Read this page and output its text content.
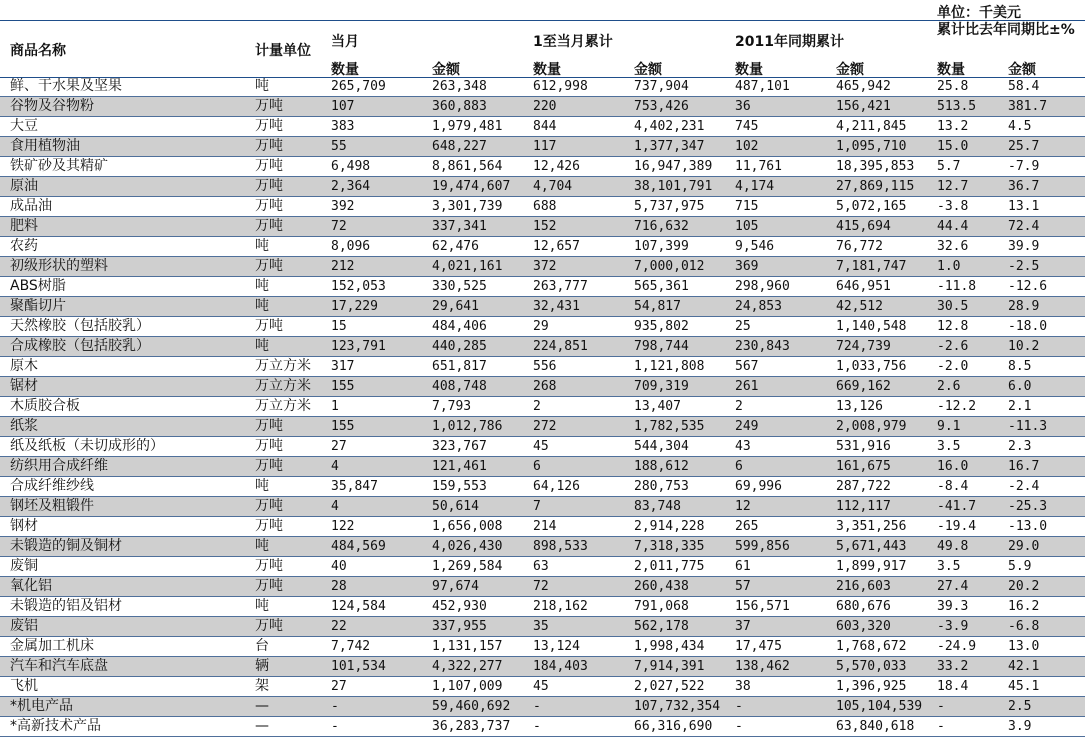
单位：千美元
商品名称	计量单位
当月	1至当月累计	2011年同期累计
累计比去年同期比±%
数量	金额	数量	金额	数量	金额	数量	金额
鲜、干水果及坚果	吨	265,709	263,348	612,998	737,904	487,101	465,942	25.8	58.4
谷物及谷物粉	万吨	107	360,883	220	753,426	36	156,421	513.5 381.7
大豆	万吨	383	1,979,481 844	4,402,231 745	4,211,845 13.2	4.5
食用植物油	万吨	55	648,227	117	1,377,347 102	1,095,710 15.0	25.7
铁矿砂及其精矿	万吨	6,498	8,861,564 12,426	16,947,389 11,761	18,395,853 5.7	-7.9
原油	万吨	2,364	19,474,607 4,704	38,101,791 4,174	27,869,115 12.7	36.7
成品油	万吨	392	3,301,739 688	5,737,975 715	5,072,165 -3.8	13.1
肥料	万吨	72	337,341	152	716,632	105	415,694	44.4	72.4
农药	吨	8,096	62,476	12,657	107,399	9,546	76,772	32.6	39.9
初级形状的塑料	万吨	212	4,021,161 372	7,000,012 369	7,181,747 1.0	-2.5
ABS树脂	吨	152,053	330,525	263,777	565,361	298,960	646,951	-11.8 -12.6
聚酯切片	吨	17,229	29,641	32,431	54,817	24,853	42,512	30.5	28.9
天然橡胶（包括胶乳）	万吨	15	484,406	29	935,802	25	1,140,548 12.8	-18.0
合成橡胶（包括胶乳）	吨	123,791	440,285	224,851	798,744	230,843	724,739	-2.6	10.2
原木	万立方米 317	651,817	556	1,121,808 567	1,033,756 -2.0	8.5
锯材	万立方米 155	408,748	268	709,319	261	669,162	2.6	6.0
木质胶合板	万立方米 1	7,793	2	13,407	2	13,126	-12.2 2.1
纸浆	万吨	155	1,012,786 272	1,782,535 249	2,008,979 9.1	-11.3
纸及纸板（未切成形的）	万吨	27	323,767	45	544,304	43	531,916	3.5	2.3
纺织用合成纤维	万吨	4	121,461	6	188,612	6	161,675	16.0	16.7
合成纤维纱线	吨	35,847	159,553	64,126	280,753	69,996	287,722	-8.4	-2.4
钢坯及粗锻件	万吨	4	50,614	7	83,748	12	112,117	-41.7 -25.3
钢材	万吨	122	1,656,008 214	2,914,228 265	3,351,256 -19.4 -13.0
未锻造的铜及铜材	吨	484,569	4,026,430 898,533	7,318,335 599,856	5,671,443 49.8	29.0
废铜	万吨	40	1,269,584 63	2,011,775 61	1,899,917 3.5	5.9
氧化铝	万吨	28	97,674	72	260,438	57	216,603	27.4	20.2
未锻造的铝及铝材	吨	124,584	452,930	218,162	791,068	156,571	680,676	39.3	16.2
废铝	万吨	22	337,955	35	562,178	37	603,320	-3.9	-6.8
金属加工机床	台	7,742	1,131,157 13,124	1,998,434 17,475	1,768,672 -24.9 13.0
汽车和汽车底盘	辆	101,534	4,322,277 184,403	7,914,391 138,462	5,570,033 33.2	42.1
飞机	架	27	1,107,009 45	2,027,522 38	1,396,925 18.4	45.1
*机电产品	—	-	59,460,692 -	107,732,354 -	105,104,539 -	2.5
*高新技术产品	—	-	36,283,737 -	66,316,690 -	63,840,618 -	3.9
